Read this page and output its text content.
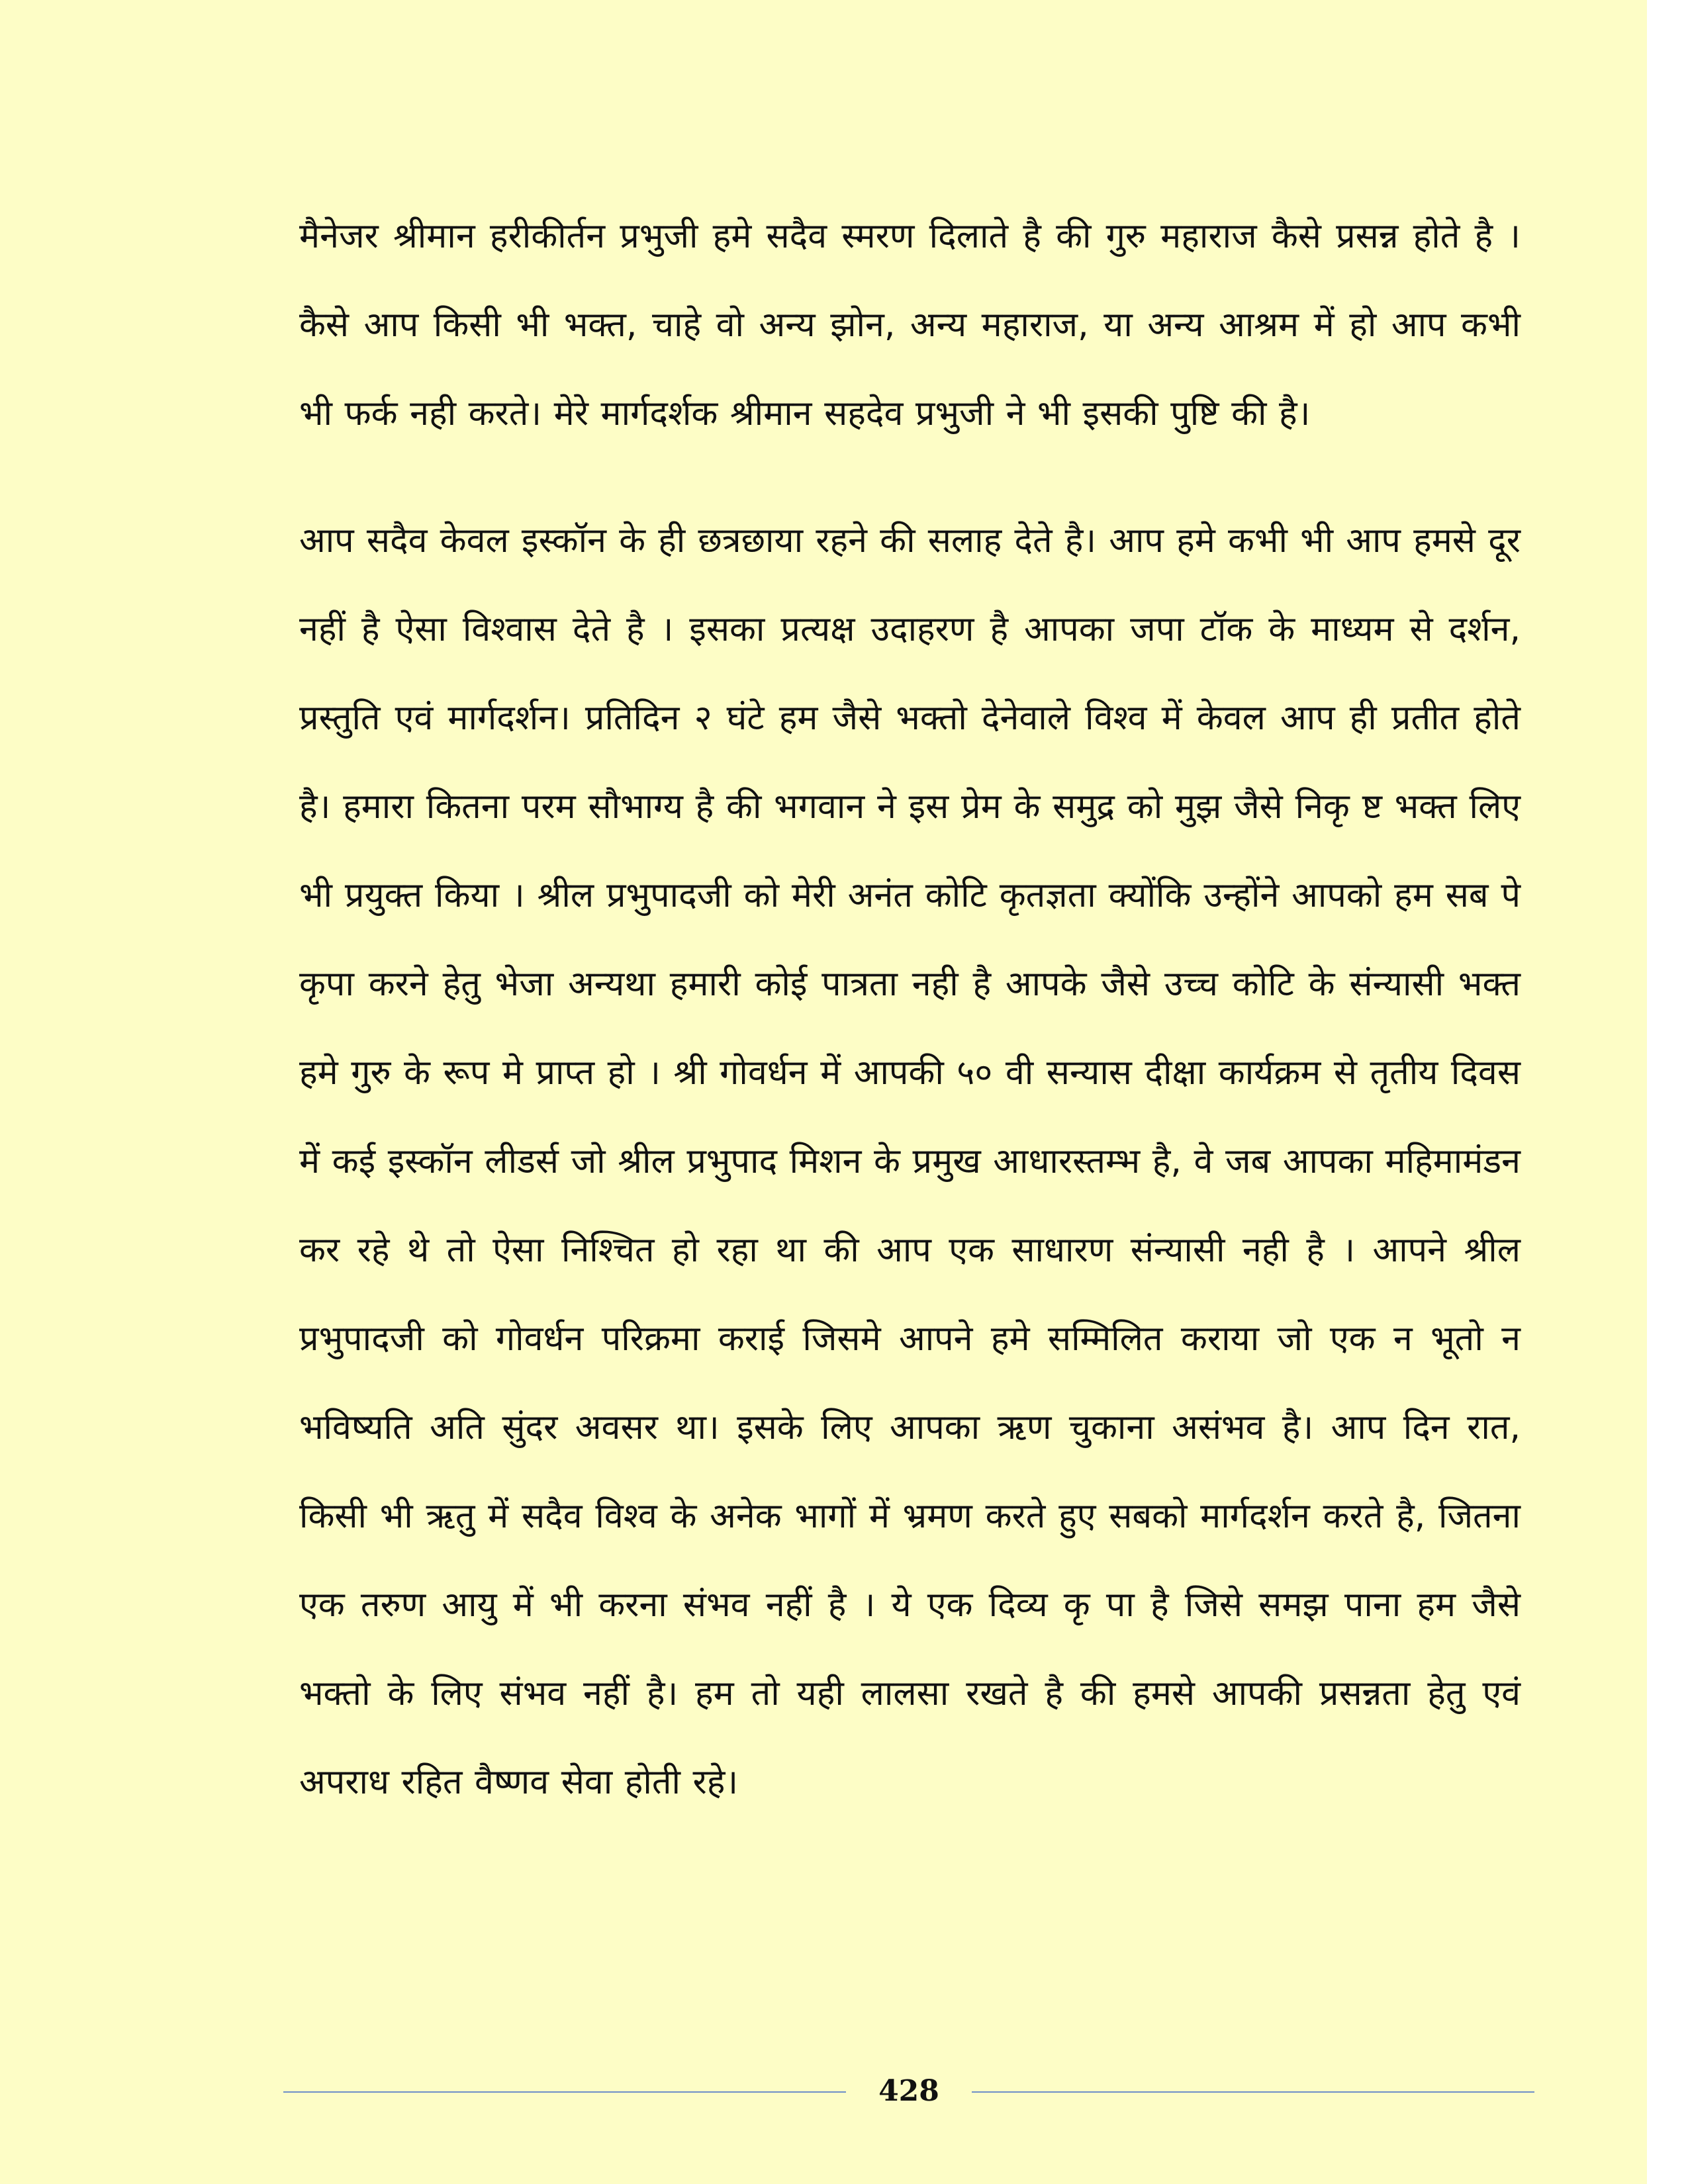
मैनेजर श्रीमान हरीकीर्तन प्रभुजी हमे सदैव स्मरण दिलाते है की गुरु महाराज कैसे प्रसन्न होते है । कैसे आप किसी भी भक्त, चाहे वो अन्य झोन, अन्य महाराज, या अन्य आश्रम में हो आप कभी भी फर्क नही करते। मेरे मार्गदर्शक श्रीमान सहदेव प्रभुजी ने भी इसकी पुष्टि की है।

आप सदैव केवल इस्कॉन के ही छत्रछाया रहने की सलाह देते है। आप हमे कभी भी आप हमसे दूर नहीं है ऐसा विश्वास देते है । इसका प्रत्यक्ष उदाहरण है आपका जपा टॉक के माध्यम से दर्शन, प्रस्तुति एवं मार्गदर्शन। प्रतिदिन २ घंटे हम जैसे भक्तो देनेवाले विश्व में केवल आप ही प्रतीत होते है। हमारा कितना परम सौभाग्य है की भगवान ने इस प्रेम के समुद्र को मुझ जैसे निकृ ष्ट भक्त लिए भी प्रयुक्त किया । श्रील प्रभुपादजी को मेरी अनंत कोटि कृतज्ञता क्योंकि उन्होंने आपको हम सब पे कृपा करने हेतु भेजा अन्यथा हमारी कोई पात्रता नही है आपके जैसे उच्च कोटि के संन्यासी भक्त हमे गुरु के रूप मे प्राप्त हो । श्री गोवर्धन में आपकी ५० वी सन्यास दीक्षा कार्यक्रम से तृतीय दिवस में कई इस्कॉन लीडर्स जो श्रील प्रभुपाद मिशन के प्रमुख आधारस्तम्भ है, वे जब आपका महिमामंडन कर रहे थे तो ऐसा निश्चित हो रहा था की आप एक साधारण संन्यासी नही है । आपने श्रील प्रभुपादजी को गोवर्धन परिक्रमा कराई जिसमे आपने हमे सम्मिलित कराया जो एक न भूतो न भविष्यति अति सुंदर अवसर था। इसके लिए आपका ऋण चुकाना असंभव है। आप दिन रात, किसी भी ऋतु में सदैव विश्व के अनेक भागों में भ्रमण करते हुए सबको मार्गदर्शन करते है, जितना एक तरुण आयु में भी करना संभव नहीं है । ये एक दिव्य कृ पा है जिसे समझ पाना हम जैसे भक्तो के लिए संभव नहीं है। हम तो यही लालसा रखते है की हमसे आपकी प्रसन्नता हेतु एवं अपराध रहित वैष्णव सेवा होती रहे।

428
